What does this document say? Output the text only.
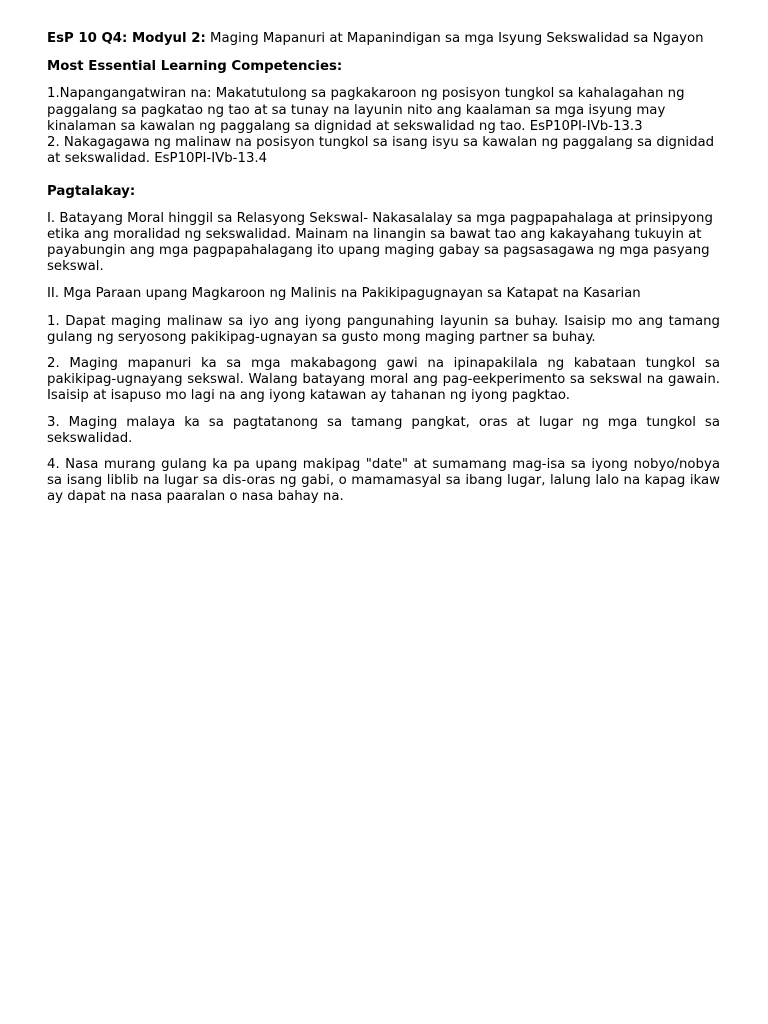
EsP 10 Q4: Modyul 2: Maging Mapanuri at Mapanindigan sa mga Isyung Sekswalidad sa Ngayon

Most Essential Learning Competencies:

1.Napangangatwiran na: Makatutulong sa pagkakaroon ng posisyon tungkol sa kahalagahan ng paggalang sa pagkatao ng tao at sa tunay na layunin nito ang kaalaman sa mga isyung may kinalaman sa kawalan ng paggalang sa dignidad at sekswalidad ng tao. EsP10PI-IVb-13.3

2. Nakagagawa ng malinaw na posisyon tungkol sa isang isyu sa kawalan ng paggalang sa dignidad at sekswalidad. EsP10PI-IVb-13.4

Pagtalakay:

I. Batayang Moral hinggil sa Relasyong Sekswal- Nakasalalay sa mga pagpapahalaga at prinsipyong etika ang moralidad ng sekswalidad. Mainam na linangin sa bawat tao ang kakayahang tukuyin at payabungin ang mga pagpapahalagang ito upang maging gabay sa pagsasagawa ng mga pasyang sekswal.

II. Mga Paraan upang Magkaroon ng Malinis na Pakikipagugnayan sa Katapat na Kasarian

1. Dapat maging malinaw sa iyo ang iyong pangunahing layunin sa buhay. Isaisip mo ang tamang gulang ng seryosong pakikipag-ugnayan sa gusto mong maging partner sa buhay.

2. Maging mapanuri ka sa mga makabagong gawi na ipinapakilala ng kabataan tungkol sa pakikipag-ugnayang sekswal. Walang batayang moral ang pag-eekperimento sa sekswal na gawain. Isaisip at isapuso mo lagi na ang iyong katawan ay tahanan ng iyong pagktao.

3. Maging malaya ka sa pagtatanong sa tamang pangkat, oras at lugar ng mga tungkol sa sekswalidad.

4. Nasa murang gulang ka pa upang makipag "date" at sumamang mag-isa sa iyong nobyo/nobya sa isang liblib na lugar sa dis-oras ng gabi, o mamamasyal sa ibang lugar, lalung lalo na kapag ikaw ay dapat na nasa paaralan o nasa bahay na.
